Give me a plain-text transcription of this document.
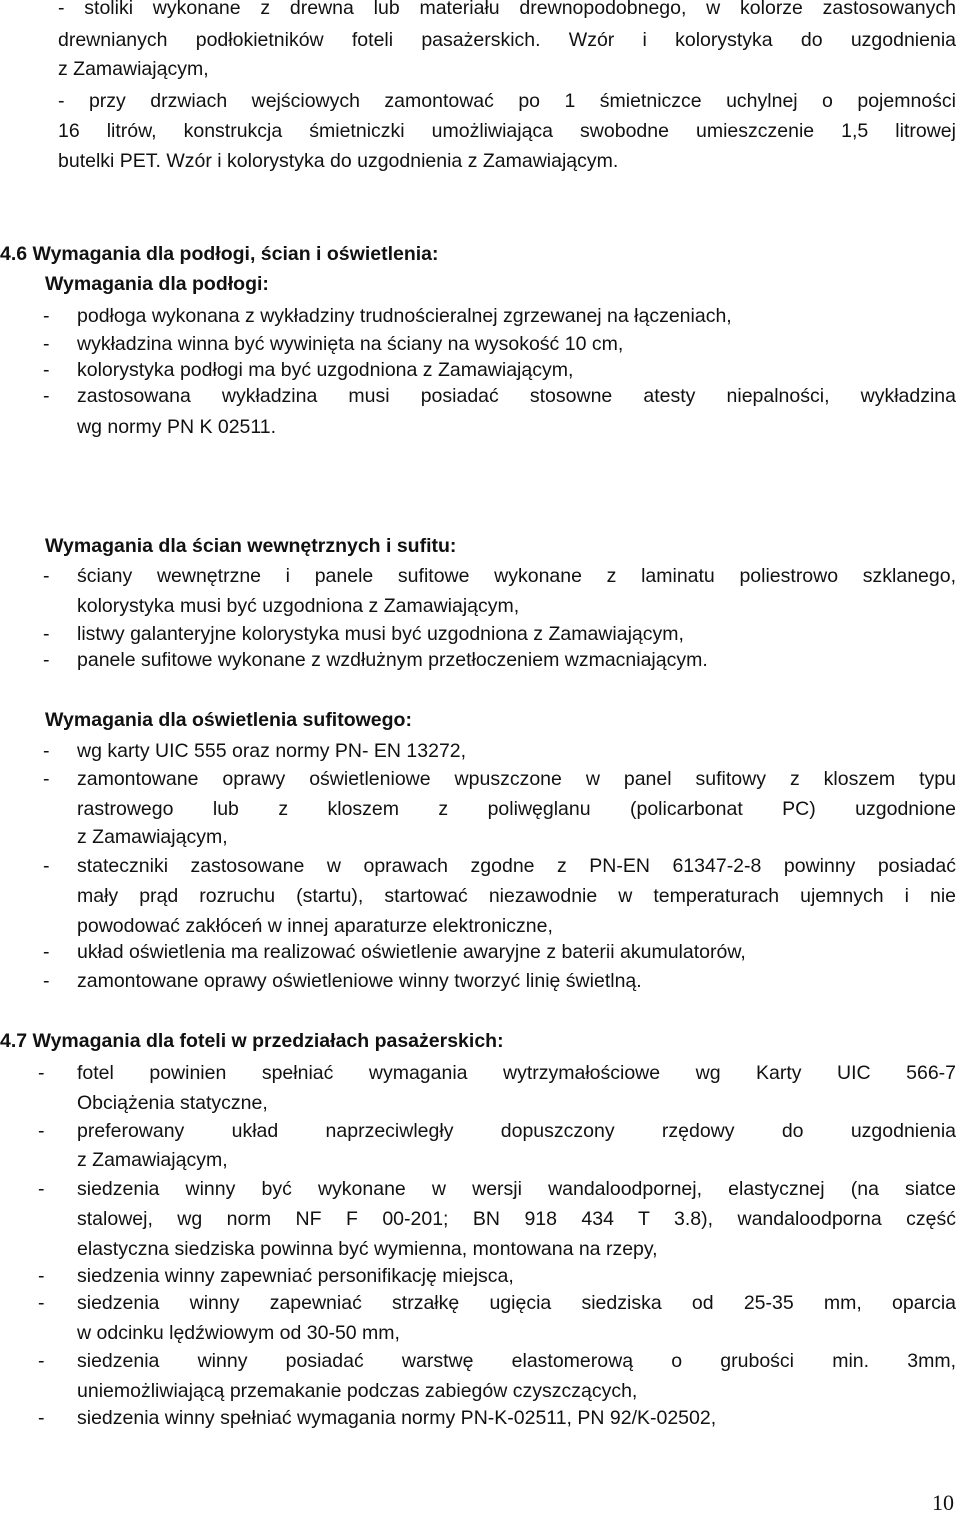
- stoliki wykonane z drewna lub materiału drewnopodobnego, w kolorze zastosowanych
drewnianych podłokietników foteli pasażerskich. Wzór i kolorystyka do uzgodnienia
z Zamawiającym,
- przy drzwiach wejściowych zamontować po 1 śmietniczce uchylnej o pojemności
16 litrów, konstrukcja śmietniczki umożliwiająca swobodne umieszczenie 1,5 litrowej
butelki PET. Wzór i kolorystyka do uzgodnienia z Zamawiającym.
4.6 Wymagania dla podłogi, ścian i oświetlenia:
Wymagania dla podłogi:
-	podłoga wykonana z wykładziny trudnościeralnej zgrzewanej na łączeniach,
-	wykładzina winna być wywinięta na ściany na wysokość 10 cm,
-	kolorystyka podłogi ma być uzgodniona z Zamawiającym,
-	zastosowana wykładzina musi posiadać stosowne atesty niepalności, wykładzina
wg normy PN K 02511.
Wymagania dla ścian wewnętrznych i sufitu:
-	ściany wewnętrzne i panele sufitowe wykonane z laminatu poliestrowo szklanego,
kolorystyka musi być uzgodniona z Zamawiającym,
-	listwy galanteryjne kolorystyka musi być uzgodniona z Zamawiającym,
-	panele sufitowe wykonane z wzdłużnym przetłoczeniem wzmacniającym.
Wymagania dla oświetlenia sufitowego:
-	wg karty UIC 555 oraz normy PN- EN 13272,
-	zamontowane oprawy oświetleniowe wpuszczone w panel sufitowy z kloszem typu
rastrowego lub z kloszem z poliwęglanu (policarbonat PC) uzgodnione
z Zamawiającym,
-	stateczniki zastosowane w oprawach zgodne z PN-EN 61347-2-8 powinny posiadać
mały prąd rozruchu (startu), startować niezawodnie w temperaturach ujemnych i nie
powodować zakłóceń w innej aparaturze elektroniczne,
-	układ oświetlenia ma realizować oświetlenie awaryjne z baterii akumulatorów,
-	zamontowane oprawy oświetleniowe winny tworzyć linię świetlną.
4.7 Wymagania dla foteli w przedziałach pasażerskich:
-	fotel powinien spełniać wymagania wytrzymałościowe wg Karty UIC 566-7
Obciążenia statyczne,
-	preferowany układ naprzeciwległy dopuszczony rzędowy do uzgodnienia
z Zamawiającym,
-	siedzenia winny być wykonane w wersji wandaloodpornej, elastycznej (na siatce
stalowej, wg norm NF F 00-201; BN 918 434 T 3.8), wandaloodporna część
elastyczna siedziska powinna być wymienna, montowana na rzepy,
-	siedzenia winny zapewniać personifikację miejsca,
-	siedzenia winny zapewniać strzałkę ugięcia siedziska od 25-35 mm, oparcia
w odcinku lędźwiowym od 30-50 mm,
-	siedzenia winny posiadać warstwę elastomerową o grubości min. 3mm,
uniemożliwiającą przemakanie podczas zabiegów czyszczących,
-	siedzenia winny spełniać wymagania normy PN-K-02511, PN 92/K-02502,
10
